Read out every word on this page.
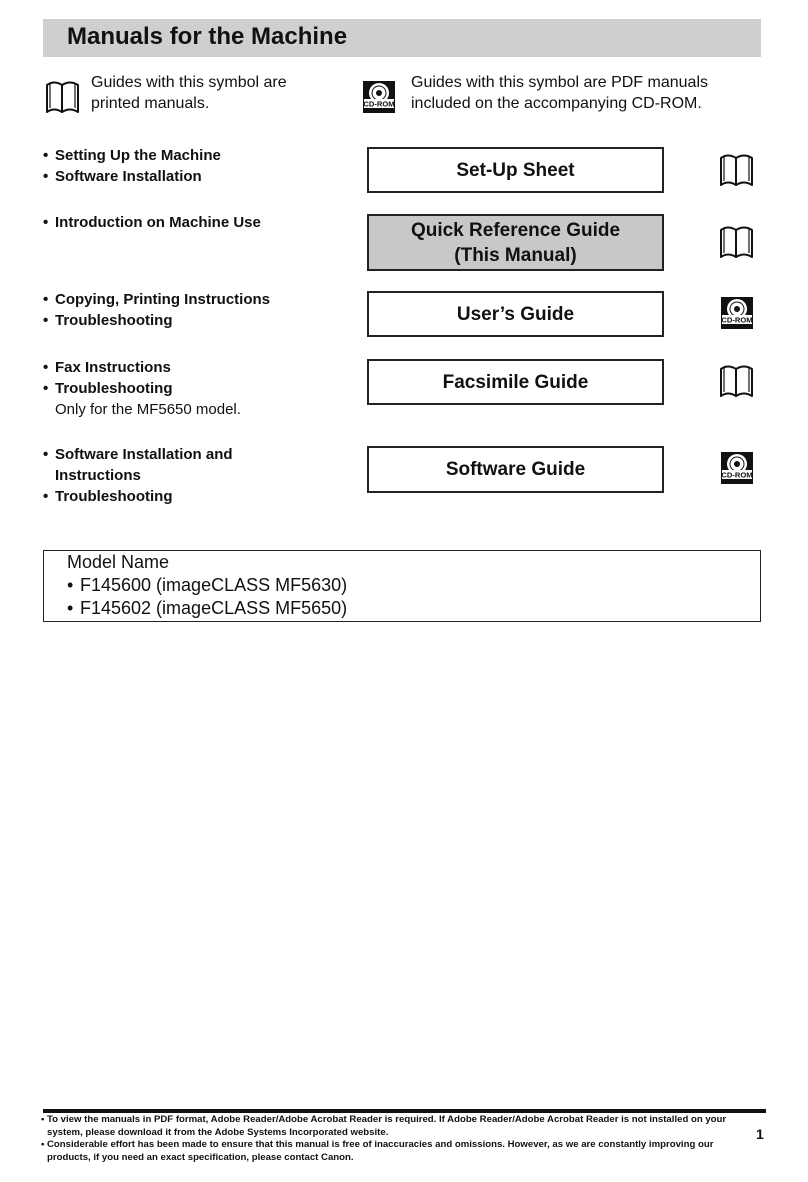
Manuals for the Machine
Guides with this symbol are printed manuals.	CD-ROM
Guides with this symbol are PDF manuals included on the accompanying CD-ROM.
• Setting Up the Machine
• Software Installation	Set-Up Sheet
• Introduction on Machine Use	Quick Reference Guide
(This Manual)
• Copying, Printing Instructions
• Troubleshooting	User’s Guide	CD-ROM
• Fax Instructions
• Troubleshooting
Only for the MF5650 model.
Facsimile Guide
• Software Installation and Instructions
• Troubleshooting
Software Guide	CD-ROM
Model Name
• F145600 (imageCLASS MF5630)
• F145602 (imageCLASS MF5650)
• To view the manuals in PDF format, Adobe Reader/Adobe Acrobat Reader is required. If Adobe Reader/Adobe Acrobat Reader is not installed on your system, please download it from the Adobe Systems Incorporated website.
• Considerable effort has been made to ensure that this manual is free of inaccuracies and omissions. However, as we are constantly improving our products, if you need an exact specification, please contact Canon.
1
